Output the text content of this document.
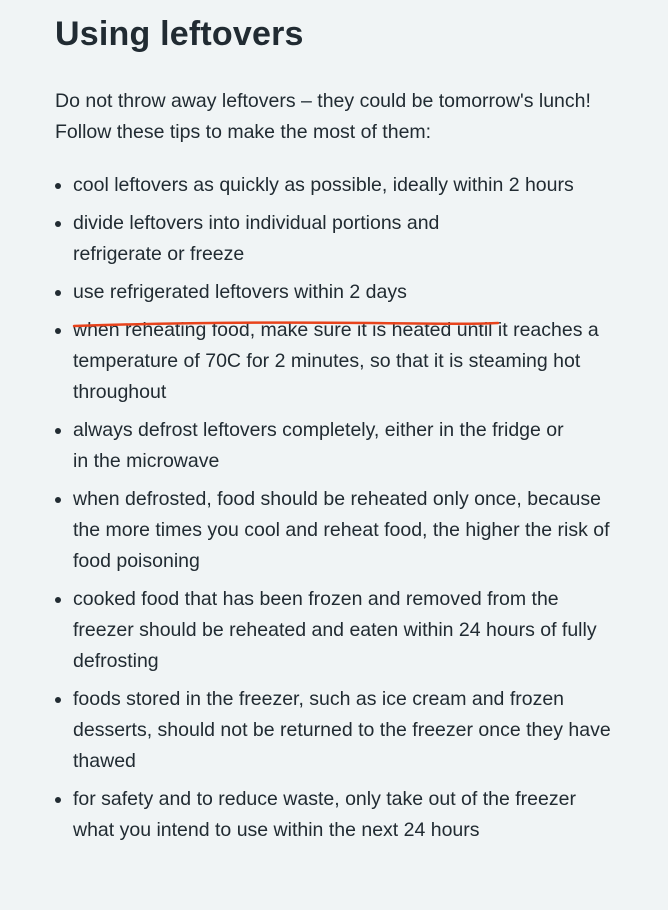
Using leftovers

Do not throw away leftovers – they could be tomorrow's lunch! Follow these tips to make the most of them:

cool leftovers as quickly as possible, ideally within 2 hours
divide leftovers into individual portions and refrigerate or freeze
use refrigerated leftovers within 2 days
when reheating food, make sure it is heated until it reaches a temperature of 70C for 2 minutes, so that it is steaming hot throughout
always defrost leftovers completely, either in the fridge or in the microwave
when defrosted, food should be reheated only once, because the more times you cool and reheat food, the higher the risk of food poisoning
cooked food that has been frozen and removed from the freezer should be reheated and eaten within 24 hours of fully defrosting
foods stored in the freezer, such as ice cream and frozen desserts, should not be returned to the freezer once they have thawed
for safety and to reduce waste, only take out of the freezer what you intend to use within the next 24 hours
